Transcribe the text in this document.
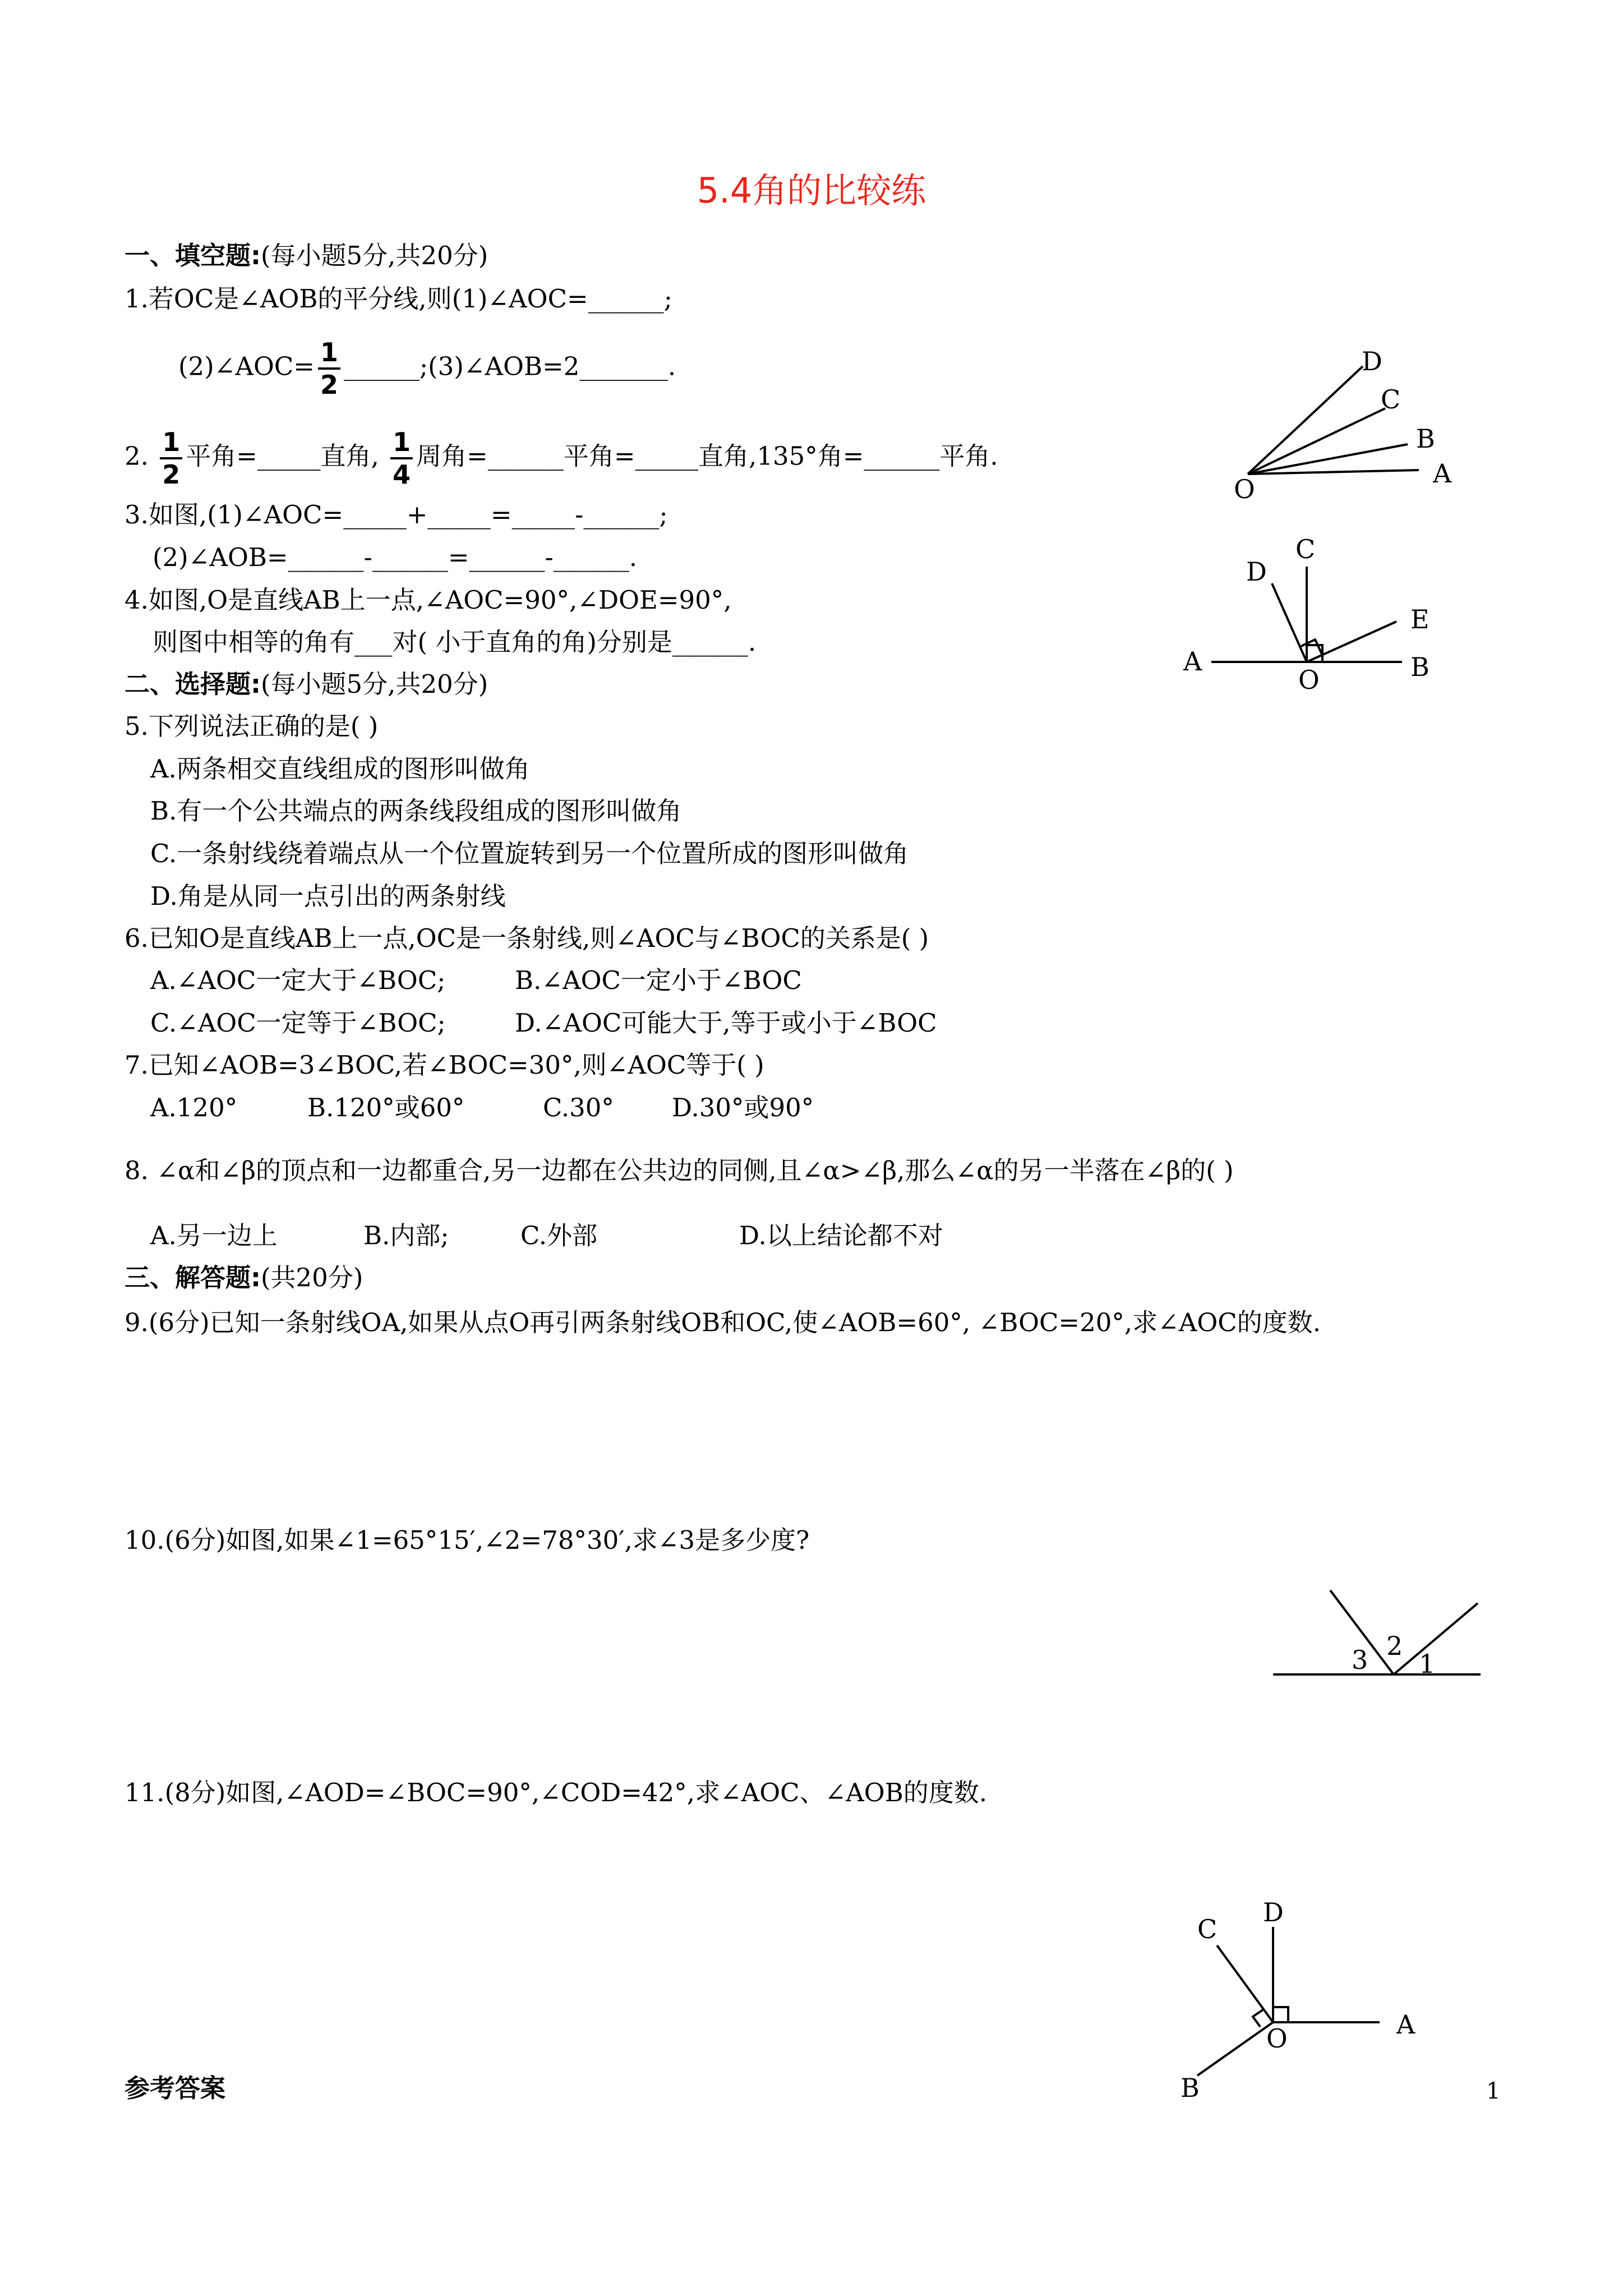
5.4角的比较练
一、填空题:(每小题5分,共20分)
1.若OC是∠AOB的平分线,则(1)∠AOC=______;
(2)∠AOC= $\frac{1}{2}$ ______;(3)∠AOB=2_______.
2. $\frac{1}{2}$ 平角=_____直角, $\frac{1}{4}$ 周角=______平角=_____直角,135°角=______平角.
3.如图,(1)∠AOC=_____+_____=_____-______;
(2)∠AOB=______-______=______-______.
4.如图,O是直线AB上一点,∠AOC=90°,∠DOE=90°,
则图中相等的角有___对( 小于直角的角)分别是______.
二、选择题:(每小题5分,共20分)
5.下列说法正确的是( )
A.两条相交直线组成的图形叫做角
B.有一个公共端点的两条线段组成的图形叫做角
C.一条射线绕着端点从一个位置旋转到另一个位置所成的图形叫做角
D.角是从同一点引出的两条射线
6.已知O是直线AB上一点,OC是一条射线,则∠AOC与∠BOC的关系是( )
A.∠AOC一定大于∠BOC;	B.∠AOC一定小于∠BOC
C.∠AOC一定等于∠BOC;	D.∠AOC可能大于,等于或小于∠BOC
7.已知∠AOB=3∠BOC,若∠BOC=30°,则∠AOC等于( )
A.120°	B.120°或60°	C.30° D.30°或90°
8. ∠α和∠β的顶点和一边都重合,另一边都在公共边的同侧,且∠α>∠β,那么∠α的另一半落在∠β的( )
A.另一边上	B.内部;	C.外部	D.以上结论都不对
三、解答题:(共20分)
9.(6分)已知一条射线OA,如果从点O再引两条射线OB和OC,使∠AOB=60°, ∠BOC=20°,求∠AOC的度数.
10.(6分)如图,如果∠1=65°15′,∠2=78°30′,求∠3是多少度?
11.(8分)如图,∠AOD=∠BOC=90°,∠COD=42°,求∠AOC、∠AOB的度数.
参考答案	1
D
C
B
A
O
C
D
E
A
O	B
3 2
1
C
D
A
O
B
